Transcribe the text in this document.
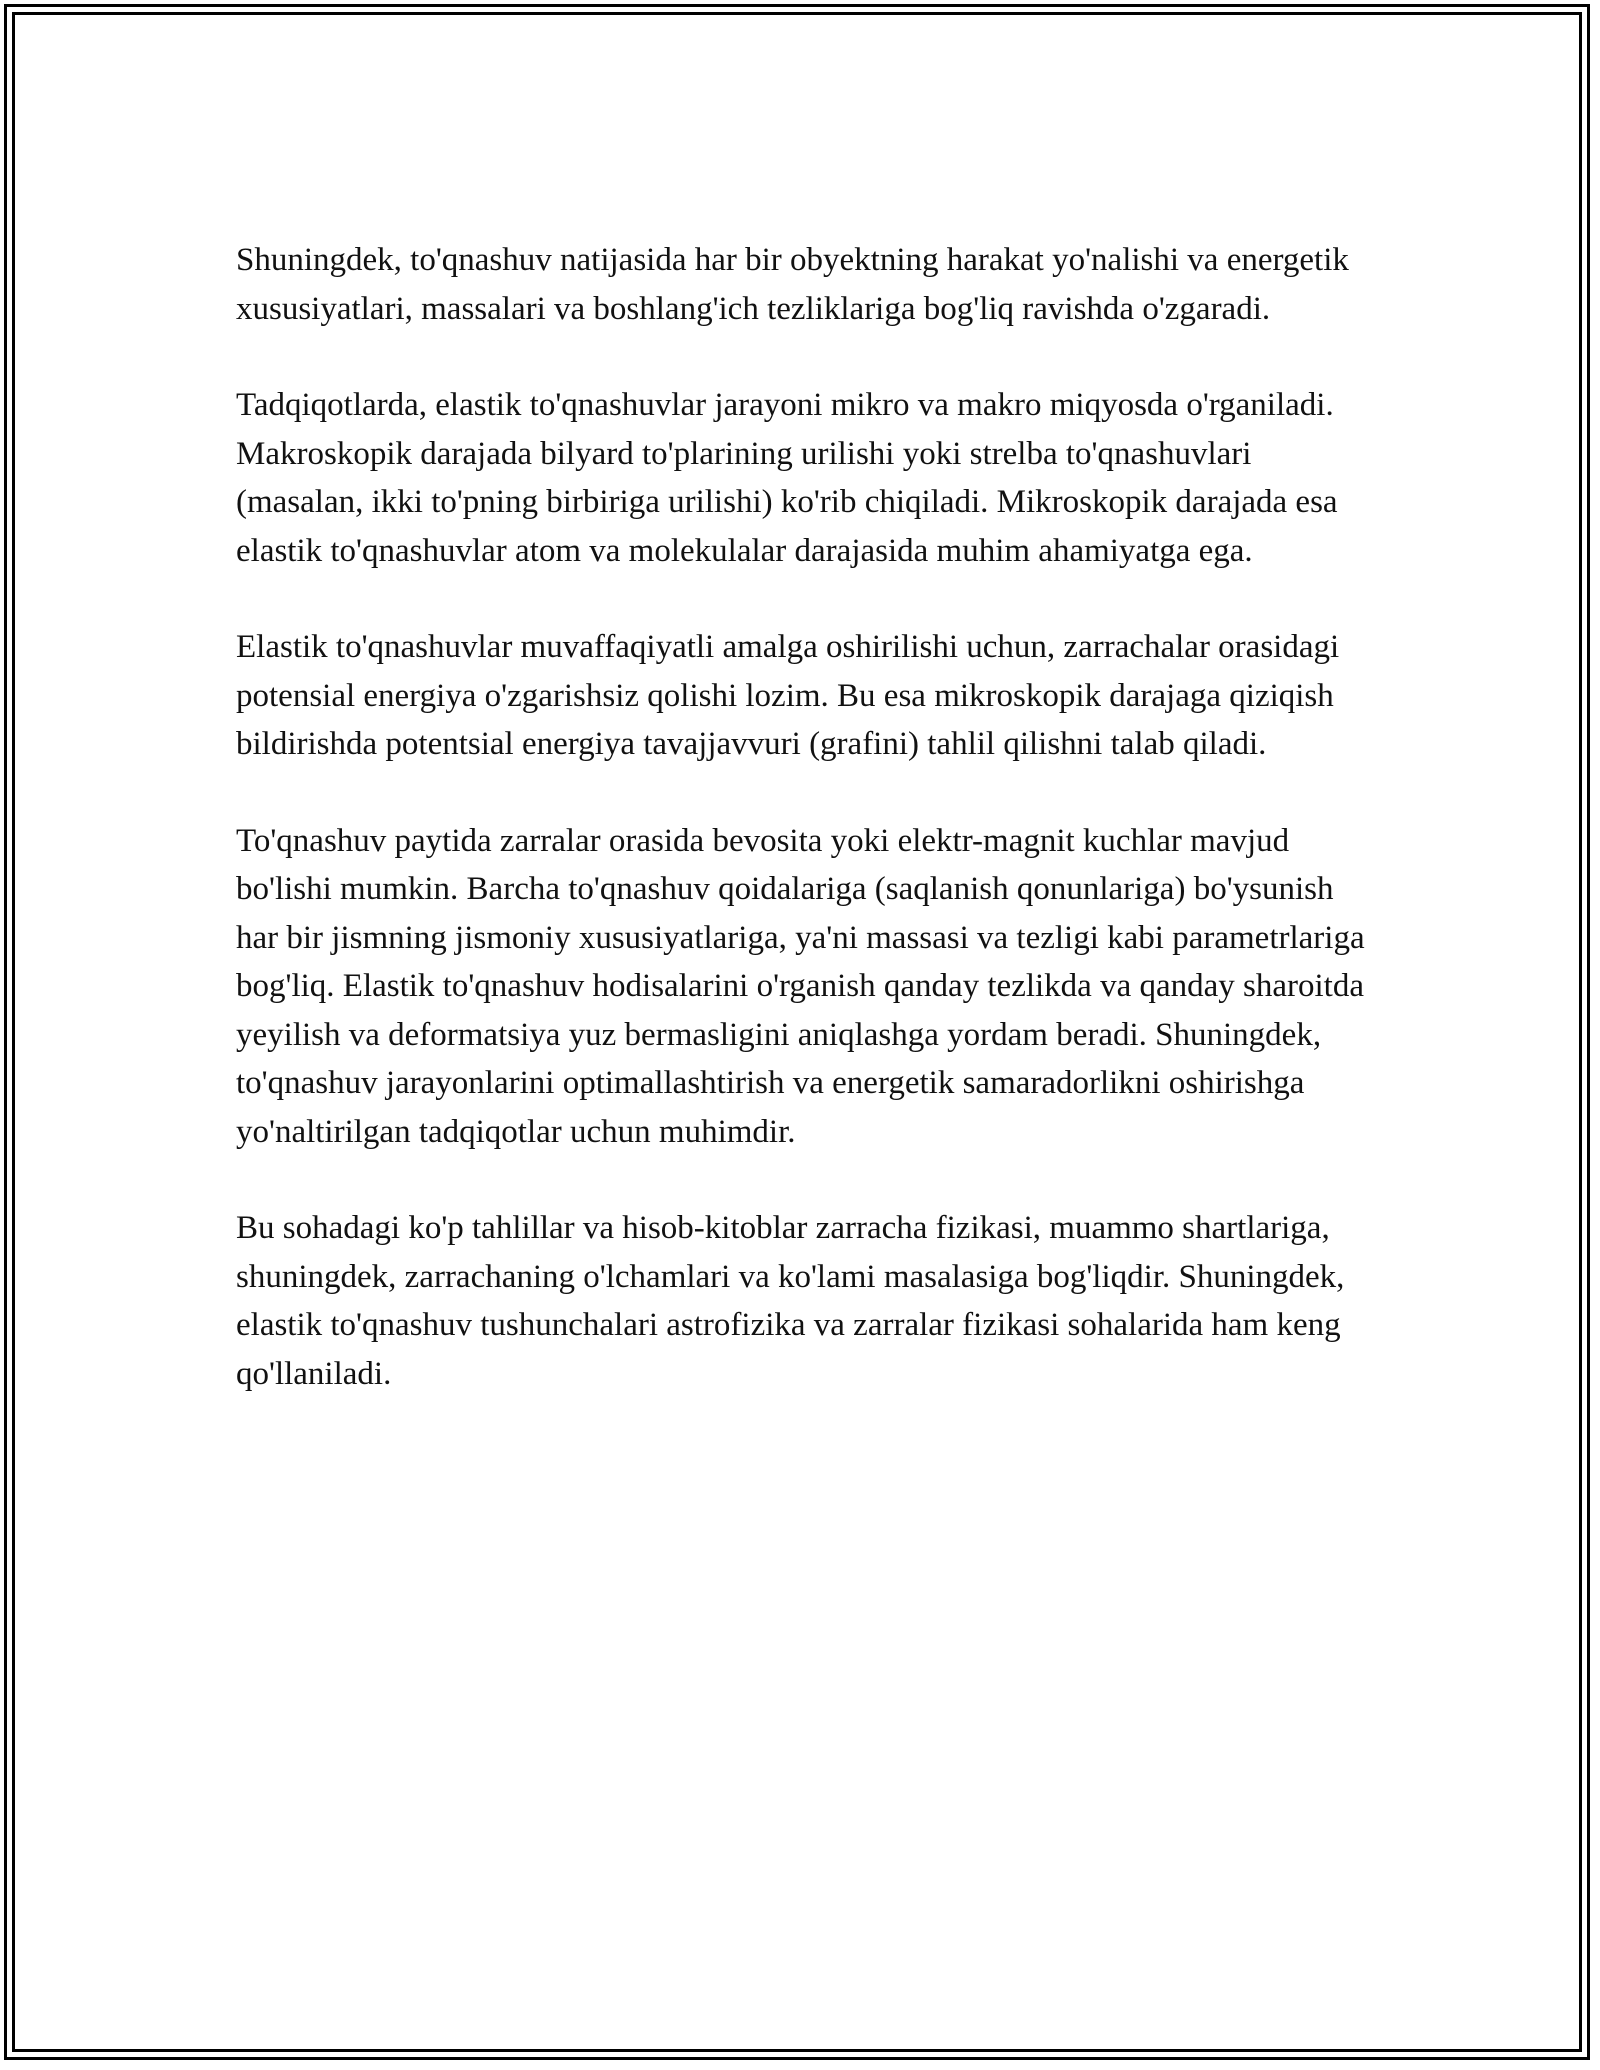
Shuningdek, to'qnashuv natijasida har bir obyektning harakat yo'nalishi va energetik xususiyatlari, massalari va boshlang'ich tezliklariga bog'liq ravishda o'zgaradi.

Tadqiqotlarda, elastik to'qnashuvlar jarayoni mikro va makro miqyosda o'rganiladi. Makroskopik darajada bilyard to'plarining urilishi yoki strelba to'qnashuvlari (masalan, ikki to'pning birbiriga urilishi) ko'rib chiqiladi. Mikroskopik darajada esa elastik to'qnashuvlar atom va molekulalar darajasida muhim ahamiyatga ega.

Elastik to'qnashuvlar muvaffaqiyatli amalga oshirilishi uchun, zarrachalar orasidagi potensial energiya o'zgarishsiz qolishi lozim. Bu esa mikroskopik darajaga qiziqish bildirishda potentsial energiya tavajjavvuri (grafini) tahlil qilishni talab qiladi.

To'qnashuv paytida zarralar orasida bevosita yoki elektr-magnit kuchlar mavjud bo'lishi mumkin. Barcha to'qnashuv qoidalariga (saqlanish qonunlariga) bo'ysunish har bir jismning jismoniy xususiyatlariga, ya'ni massasi va tezligi kabi parametrlariga bog'liq. Elastik to'qnashuv hodisalarini o'rganish qanday tezlikda va qanday sharoitda yeyilish va deformatsiya yuz bermasligini aniqlashga yordam beradi. Shuningdek, to'qnashuv jarayonlarini optimallashtirish va energetik samaradorlikni oshirishga yo'naltirilgan tadqiqotlar uchun muhimdir.

Bu sohadagi ko'p tahlillar va hisob-kitoblar zarracha fizikasi, muammo shartlariga, shuningdek, zarrachaning o'lchamlari va ko'lami masalasiga bog'liqdir. Shuningdek, elastik to'qnashuv tushunchalari astrofizika va zarralar fizikasi sohalarida ham keng qo'llaniladi.
